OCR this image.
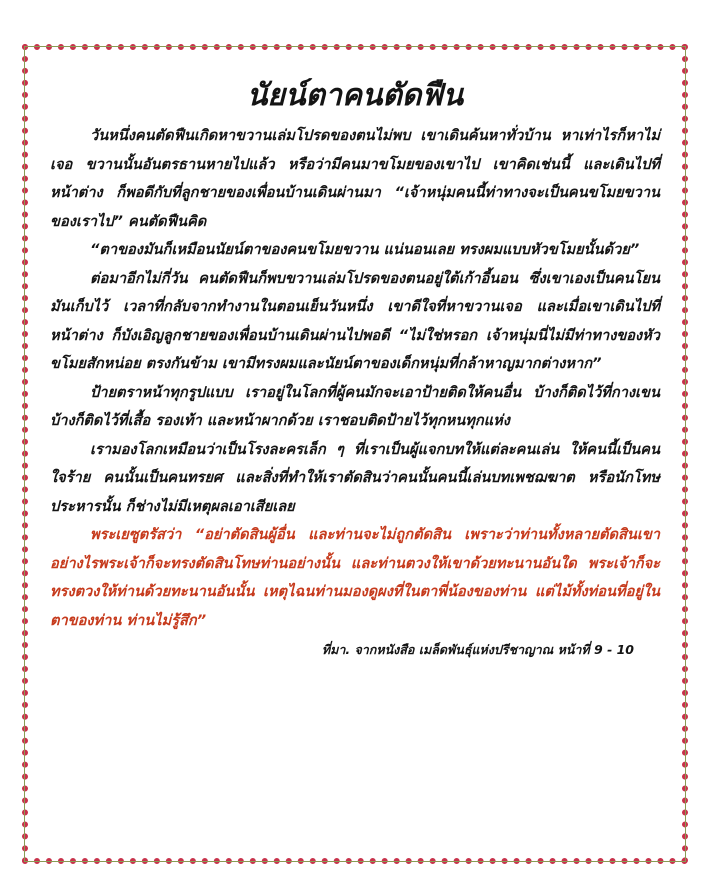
นัยน์ตาคนตัดฟืน

วันหนึ่งคนตัดฟืนเกิดหาขวานเล่มโปรดของตนไม่พบ เขาเดินค้นหาทั่วบ้าน หาเท่าไรก็หาไม่เจอ ขวานนั้นอันตรธานหายไปแล้ว หรือว่ามีคนมาขโมยของเขาไป เขาคิดเช่นนี้ และเดินไปที่หน้าต่าง ก็พอดีกับที่ลูกชายของเพื่อนบ้านเดินผ่านมา “เจ้าหนุ่มคนนี้ท่าทางจะเป็นคนขโมยขวานของเราไป” คนตัดฟืนคิด

“ตาของมันก็เหมือนนัยน์ตาของคนขโมยขวาน แน่นอนเลย ทรงผมแบบหัวขโมยนั้นด้วย”

ต่อมาอีกไม่กี่วัน คนตัดฟืนก็พบขวานเล่มโปรดของตนอยู่ใต้เก้าอี้นอน ซึ่งเขาเองเป็นคนโยนมันเก็บไว้ เวลาที่กลับจากทำงานในตอนเย็นวันหนึ่ง เขาดีใจที่หาขวานเจอ และเมื่อเขาเดินไปที่หน้าต่าง ก็บังเอิญลูกชายของเพื่อนบ้านเดินผ่านไปพอดี “ไม่ใช่หรอก เจ้าหนุ่มนี่ไม่มีท่าทางของหัวขโมยสักหน่อย ตรงกันข้าม เขามีทรงผมและนัยน์ตาของเด็กหนุ่มที่กล้าหาญมากต่างหาก”

ป้ายตราหน้าทุกรูปแบบ เราอยู่ในโลกที่ผู้คนมักจะเอาป้ายติดให้คนอื่น บ้างก็ติดไว้ที่กางเขน บ้างก็ติดไว้ที่เสื้อ รองเท้า และหน้าผากด้วย เราชอบติดป้ายไว้ทุกหนทุกแห่ง

เรามองโลกเหมือนว่าเป็นโรงละครเล็ก ๆ ที่เราเป็นผู้แจกบทให้แต่ละคนเล่น ให้คนนี้เป็นคนใจร้าย คนนั้นเป็นคนทรยศ และสิ่งที่ทำให้เราตัดสินว่าคนนั้นคนนี้เล่นบทเพชฌฆาต หรือนักโทษประหารนั้น ก็ช่างไม่มีเหตุผลเอาเสียเลย

พระเยซูตรัสว่า “อย่าตัดสินผู้อื่น และท่านจะไม่ถูกตัดสิน เพราะว่าท่านทั้งหลายตัดสินเขาอย่างไรพระเจ้าก็จะทรงตัดสินโทษท่านอย่างนั้น และท่านตวงให้เขาด้วยทะนานอันใด พระเจ้าก็จะทรงตวงให้ท่านด้วยทะนานอันนั้น เหตุไฉนท่านมองดูผงที่ในตาพี่น้องของท่าน แต่ไม้ทั้งท่อนที่อยู่ในตาของท่าน ท่านไม่รู้สึก”

ที่มา. จากหนังสือ เมล็ดพันธุ์แห่งปรีชาญาณ หน้าที่ 9 - 10
